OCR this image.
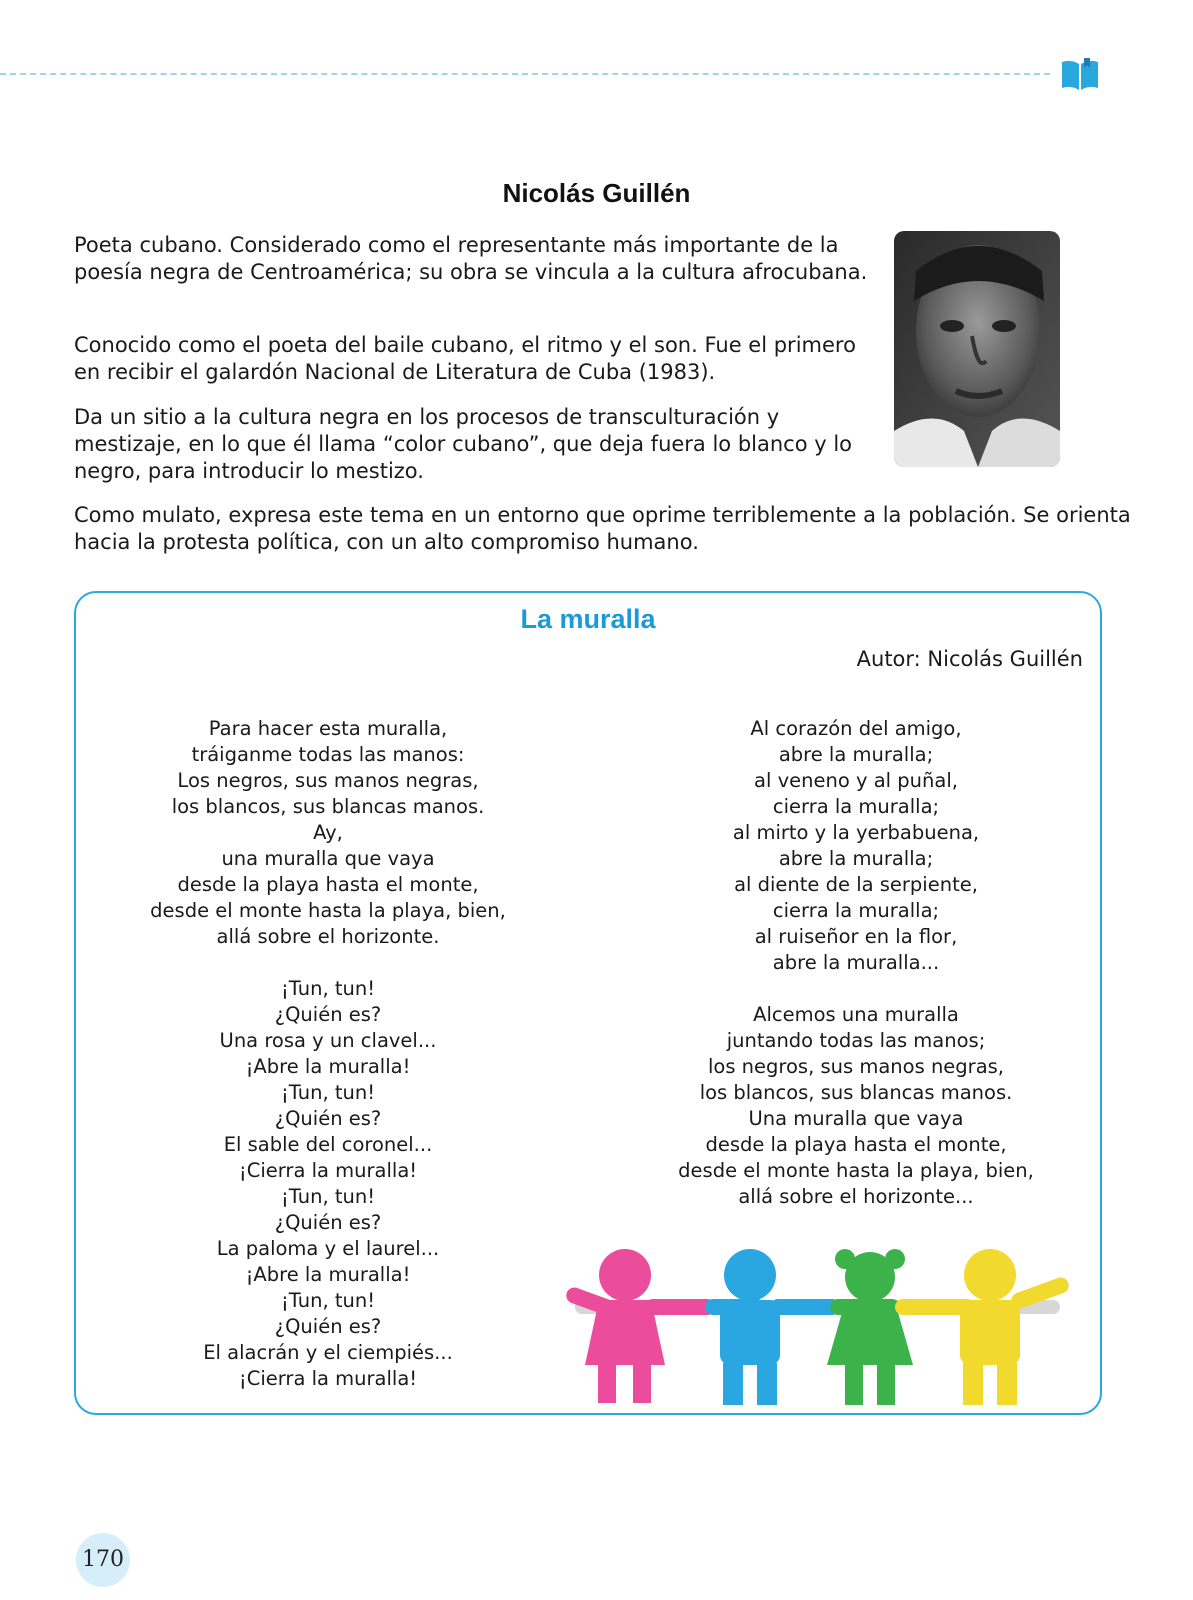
Nicolás Guillén

Poeta cubano. Considerado como el representante más importante de la poesía negra de Centroamérica; su obra se vincula a la cultura afrocubana.

Conocido como el poeta del baile cubano, el ritmo y el son. Fue el primero en recibir el galardón Nacional de Literatura de Cuba (1983).

Da un sitio a la cultura negra en los procesos de transculturación y mestizaje, en lo que él llama “color cubano”, que deja fuera lo blanco y lo negro, para introducir lo mestizo.

Como mulato, expresa este tema en un entorno que oprime terriblemente a la población. Se orienta hacia la protesta política, con un alto compromiso humano.

La muralla
Autor: Nicolás Guillén
Para hacer esta muralla,
tráiganme todas las manos:
Los negros, sus manos negras,
los blancos, sus blancas manos.
Ay,
una muralla que vaya
desde la playa hasta el monte,
desde el monte hasta la playa, bien,
allá sobre el horizonte.
¡Tun, tun!
¿Quién es?
Una rosa y un clavel...
¡Abre la muralla!
¡Tun, tun!
¿Quién es?
El sable del coronel...
¡Cierra la muralla!
¡Tun, tun!
¿Quién es?
La paloma y el laurel...
¡Abre la muralla!
¡Tun, tun!
¿Quién es?
El alacrán y el ciempiés...
¡Cierra la muralla!
Al corazón del amigo,
abre la muralla;
al veneno y al puñal,
cierra la muralla;
al mirto y la yerbabuena,
abre la muralla;
al diente de la serpiente,
cierra la muralla;
al ruiseñor en la flor,
abre la muralla...
Alcemos una muralla
juntando todas las manos;
los negros, sus manos negras,
los blancos, sus blancas manos.
Una muralla que vaya
desde la playa hasta el monte,
desde el monte hasta la playa, bien,
allá sobre el horizonte...
170
